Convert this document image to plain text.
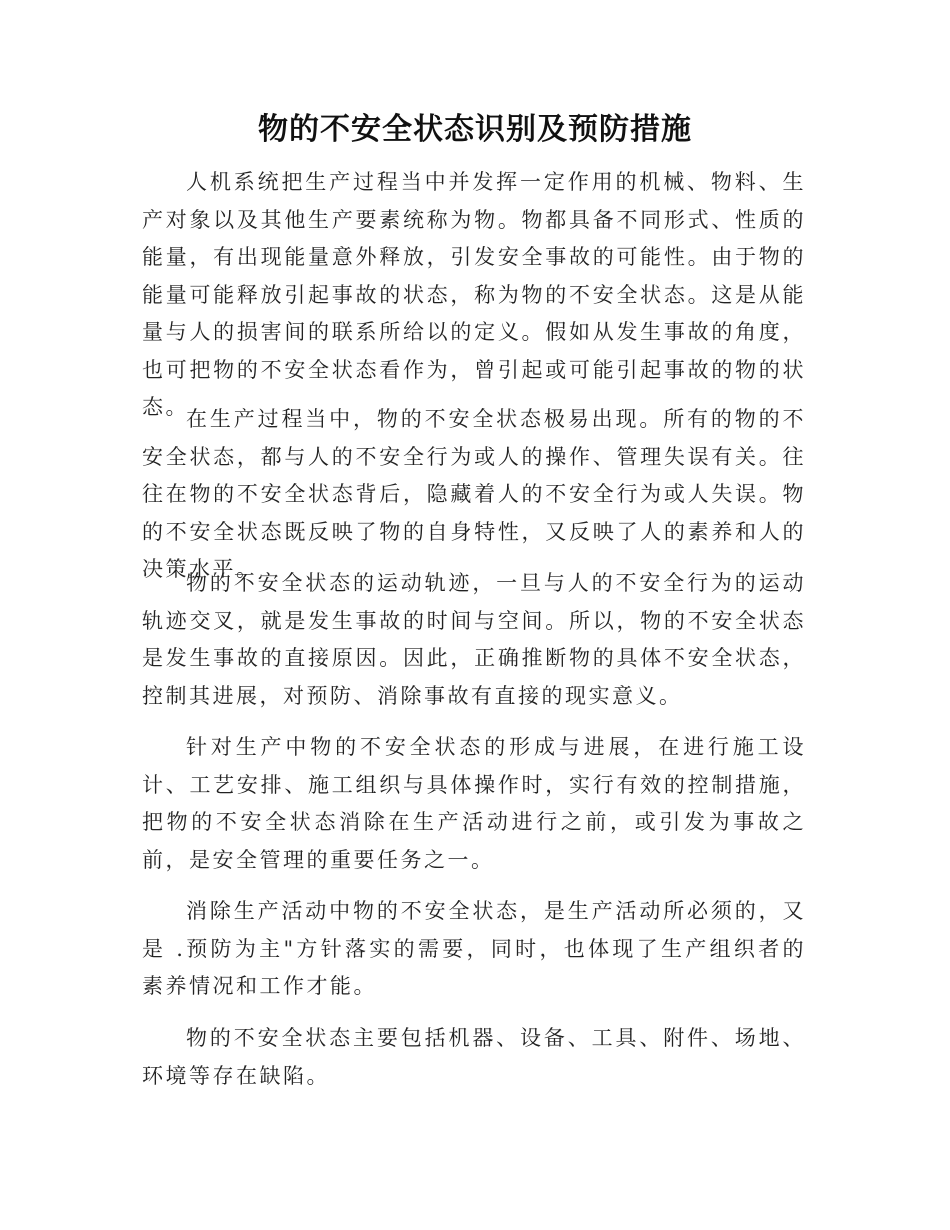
物的不安全状态识别及预防措施

人机系统把生产过程当中并发挥一定作用的机械、物料、生产对象以及其他生产要素统称为物。物都具备不同形式、性质的能量，有出现能量意外释放，引发安全事故的可能性。由于物的能量可能释放引起事故的状态，称为物的不安全状态。这是从能量与人的损害间的联系所给以的定义。假如从发生事故的角度，也可把物的不安全状态看作为，曾引起或可能引起事故的物的状态。

在生产过程当中，物的不安全状态极易出现。所有的物的不安全状态，都与人的不安全行为或人的操作、管理失误有关。往往在物的不安全状态背后，隐藏着人的不安全行为或人失误。物的不安全状态既反映了物的自身特性，又反映了人的素养和人的决策水平。

物的不安全状态的运动轨迹，一旦与人的不安全行为的运动轨迹交叉，就是发生事故的时间与空间。所以，物的不安全状态是发生事故的直接原因。因此，正确推断物的具体不安全状态，控制其进展，对预防、消除事故有直接的现实意义。

针对生产中物的不安全状态的形成与进展，在进行施工设计、工艺安排、施工组织与具体操作时，实行有效的控制措施，把物的不安全状态消除在生产活动进行之前，或引发为事故之前，是安全管理的重要任务之一。

消除生产活动中物的不安全状态，是生产活动所必须的，又是 .预防为主"方针落实的需要，同时，也体现了生产组织者的素养情况和工作才能。

物的不安全状态主要包括机器、设备、工具、附件、场地、环境等存在缺陷。
